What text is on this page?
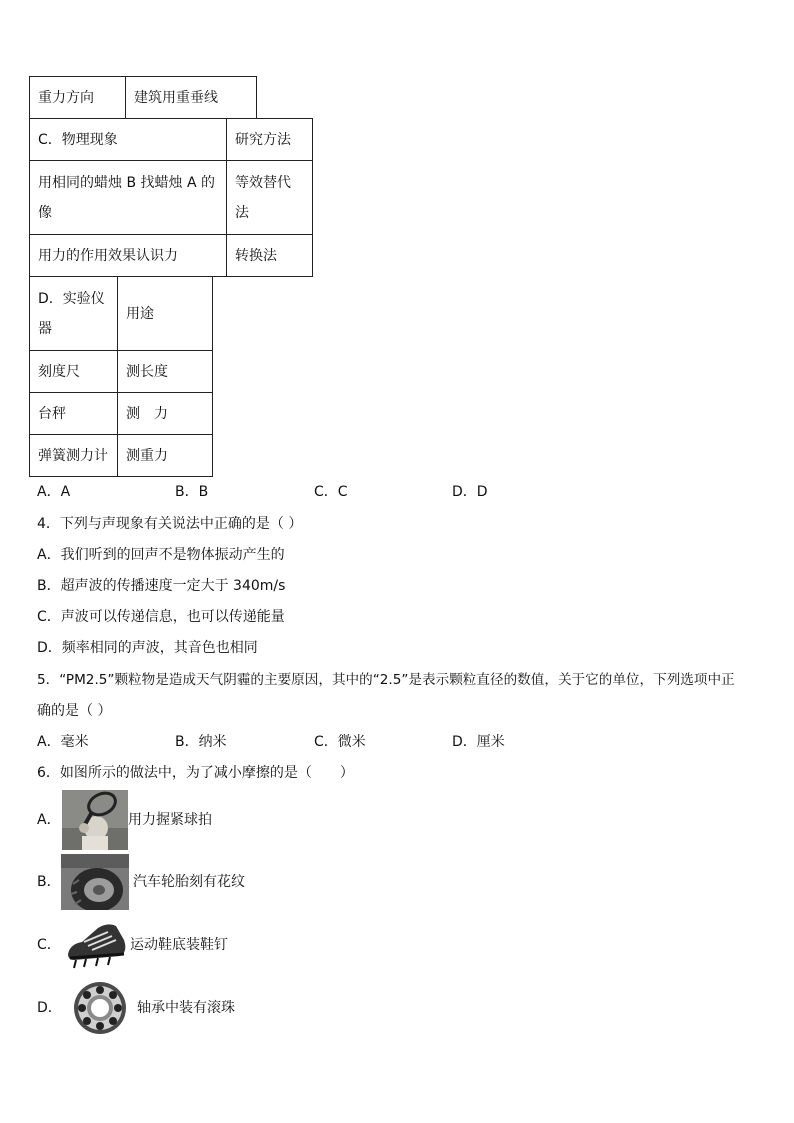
重力方向	建筑用重垂线
C．物理现象	研究方法
用相同的蜡烛 B 找蜡烛 A 的像	等效替代法
用力的作用效果认识力	转换法
D．实验仪器	用途
刻度尺	测长度
台秤	测　力
弹簧测力计	测重力
A．A	B．B	C．C	D．D
4．下列与声现象有关说法中正确的是（ ）
A．我们听到的回声不是物体振动产生的
B．超声波的传播速度一定大于 340m/s
C．声波可以传递信息，也可以传递能量
D．频率相同的声波，其音色也相同
5．“PM2.5”颗粒物是造成天气阴霾的主要原因，其中的“2.5”是表示颗粒直径的数值，关于它的单位，下列选项中正
确的是（ ）
A．毫米	B．纳米	C．微米	D．厘米
6．如图所示的做法中，为了减小摩擦的是（　　）
A．	用力握紧球拍
B．	汽车轮胎刻有花纹
C．	运动鞋底装鞋钉
D．	轴承中装有滚珠
